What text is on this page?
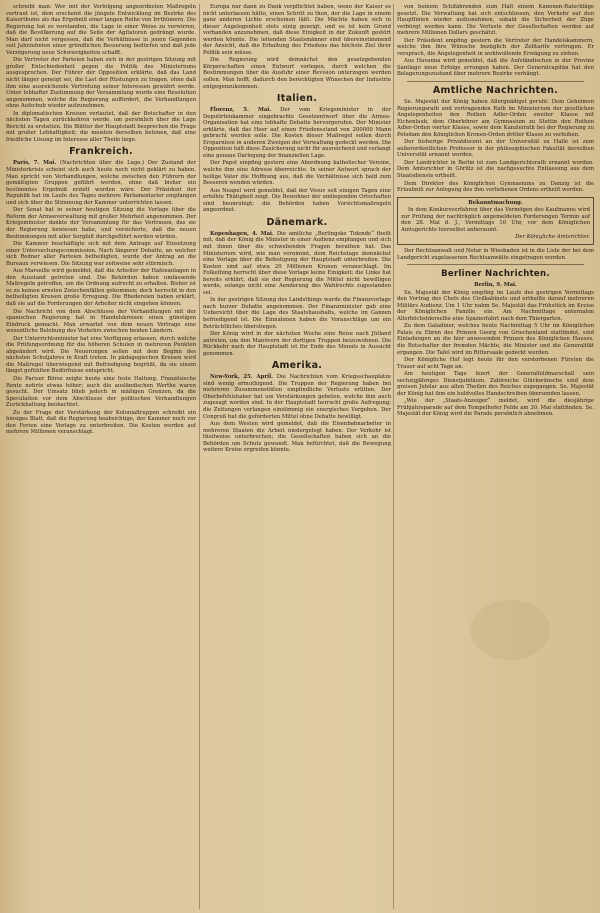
schreibt man: Wer mit der Verfolgung angeordneten Maßregeln vertraut ist, dem erscheint die jüngste Entwicklung im Bezirke des Kaiserthums als das Ergebniß einer langen Reihe von Irrthümern. Die Regierung hat es verstanden, die Lage in einer Weise zu verwirren, daß die Bevölkerung auf die Seite der Agitatoren gedrängt wurde. Man darf nicht vergessen, daß die Verhältnisse in jenen Gegenden seit Jahrzehnten einer gründlichen Besserung bedürfen und daß jede Verzögerung neue Schwierigkeiten schafft.

Die Vertreter der Parteien haben sich in der gestrigen Sitzung mit großer Entschiedenheit gegen die Politik des Ministeriums ausgesprochen. Der Führer der Opposition erklärte, daß das Land nicht länger geneigt sei, die Last der Rüstungen zu tragen, ohne daß ihm eine ausreichende Vertretung seiner Interessen gewährt werde. Unter lebhafter Zustimmung der Versammlung wurde eine Resolution angenommen, welche die Regierung auffordert, die Verhandlungen ohne Aufschub wieder aufzunehmen.

In diplomatischen Kreisen verlautet, daß der Botschafter in den nächsten Tagen zurückkehren werde, um persönlich über die Lage Bericht zu erstatten. Die Blätter der Hauptstadt besprechen die Frage mit großer Lebhaftigkeit; die meisten derselben betonen, daß eine friedliche Lösung im Interesse aller Theile liege.

Frankreich.

Paris, 7. Mai. (Nachrichten über die Lage.) Der Zustand der Ministerkrisis scheint sich auch heute noch nicht geklärt zu haben. Man spricht von Verhandlungen, welche zwischen den Führern der gemäßigten Gruppen geführt werden, ohne daß bisher ein bestimmtes Ergebniß erzielt worden wäre. Der Präsident der Republik hat im Laufe des Tages mehrere Parlamentarier empfangen und sich über die Stimmung der Kammer unterrichten lassen.

Der Senat hat in seiner heutigen Sitzung die Vorlage über die Reform der Armeeverwaltung mit großer Mehrheit angenommen. Der Kriegsminister dankte der Versammlung für das Vertrauen, das sie der Regierung bewiesen habe, und versicherte, daß die neuen Bestimmungen mit aller Sorgfalt durchgeführt werden würden.

Die Kammer beschäftigte sich mit dem Antrage auf Einsetzung einer Untersuchungscommission. Nach längerer Debatte, an welcher sich Redner aller Parteien betheiligten, wurde der Antrag an die Bureaux verwiesen. Die Sitzung war zeitweise sehr stürmisch.

Aus Marseille wird gemeldet, daß die Arbeiter der Hafenanlagen in den Ausstand getreten sind. Die Behörden haben umfassende Maßregeln getroffen, um die Ordnung aufrecht zu erhalten. Bisher ist es zu keinen ernsten Zwischenfällen gekommen; doch herrscht in den betheiligten Kreisen große Erregung. Die Rhedereien haben erklärt, daß sie auf die Forderungen der Arbeiter nicht eingehen können.

Die Nachricht von dem Abschlusse der Verhandlungen mit der spanischen Regierung hat in Handelskreisen einen günstigen Eindruck gemacht. Man erwartet von dem neuen Vertrage eine wesentliche Belebung des Verkehrs zwischen beiden Ländern.

Der Unterrichtsminister hat eine Verfügung erlassen, durch welche die Prüfungsordnung für die höheren Schulen in mehreren Punkten abgeändert wird. Die Neuerungen sollen mit dem Beginn des nächsten Schuljahres in Kraft treten. In pädagogischen Kreisen wird die Maßregel überwiegend mit Befriedigung begrüßt, da sie einem längst gefühlten Bedürfnisse entspricht.

Die Pariser Börse zeigte heute eine feste Haltung. Französische Rente notirte etwas höher; auch die ausländischen Werthe waren gesucht. Der Umsatz blieb jedoch in mäßigen Grenzen, da die Speculation vor dem Abschlusse der politischen Verhandlungen Zurückhaltung beobachtet.

Zu der Frage der Verstärkung der Kolonialtruppen schreibt ein hiesiges Blatt, daß die Regierung beabsichtige, der Kammer noch vor den Ferien eine Vorlage zu unterbreiten. Die Kosten werden auf mehrere Millionen veranschlagt.

Europa nur dann zu Dank verpflichtet haben, wenn der Kaiser es nicht unterlassen hätte, einen Schritt zu thun, der die Lage in einem ganz anderen Lichte erscheinen läßt. Die Mächte haben sich in dieser Angelegenheit stets einig gezeigt, und es ist kein Grund vorhanden anzunehmen, daß diese Einigkeit in der Zukunft gestört werden könnte. Die leitenden Staatsmänner sind übereinstimmend der Ansicht, daß die Erhaltung des Friedens das höchste Ziel ihrer Politik sein müsse.

Die Regierung wird demnächst den gesetzgebenden Körperschaften einen Entwurf vorlegen, durch welchen die Bestimmungen über die Ausfuhr einer Revision unterzogen werden sollen. Man hofft, dadurch den berechtigten Wünschen der Industrie entgegenzukommen.

Italien.

Florenz, 5. Mai. Der vom Kriegsminister in der Deputirtenkammer eingebrachte Gesetzentwurf über die Armee-Organisation hat eine lebhafte Debatte hervorgerufen. Der Minister erklärte, daß das Heer auf einen Friedensstand von 200000 Mann gebracht werden solle. Die Kosten dieser Maßregel sollen durch Ersparnisse in anderen Zweigen der Verwaltung gedeckt werden. Die Opposition hält diese Zusicherung nicht für ausreichend und verlangt eine genaue Darlegung der finanziellen Lage.

Der Papst empfing gestern eine Abordnung katholischer Vereine, welche ihm eine Adresse überreichte. In seiner Antwort sprach der heilige Vater die Hoffnung aus, daß die Verhältnisse sich bald zum Besseren wenden würden.

Aus Neapel wird gemeldet, daß der Vesuv seit einigen Tagen eine erhöhte Thätigkeit zeigt. Die Bewohner der umliegenden Ortschaften sind beunruhigt; die Behörden haben Vorsichtsmaßregeln angeordnet.

Dänemark.

Kopenhagen, 4. Mai. Die amtliche „Berlingske Tidende“ theilt mit, daß der König die Minister in einer Audienz empfangen und sich mit ihnen über die schwebenden Fragen berathen hat. Das Ministerium wird, wie man vernimmt, dem Reichstage demnächst eine Vorlage über die Befestigung der Hauptstadt unterbreiten. Die Kosten sind auf etwa 20 Millionen Kronen veranschlagt. Im Folkething herrscht über diese Vorlage keine Einigkeit; die Linke hat bereits erklärt, daß sie der Regierung die Mittel nicht bewilligen werde, solange nicht eine Aenderung des Wahlrechts zugestanden sei.

In der gestrigen Sitzung des Landsthings wurde die Finanzvorlage nach kurzer Debatte angenommen. Der Finanzminister gab eine Uebersicht über die Lage des Staatshaushalts, welche im Ganzen befriedigend ist. Die Einnahmen haben die Voranschläge um ein Beträchtliches überstiegen.

Der König wird in der nächsten Woche eine Reise nach Jütland antreten, um den Manövern der dortigen Truppen beizuwohnen. Die Rückkehr nach der Hauptstadt ist für Ende des Monats in Aussicht genommen.

Amerika.

New-York, 25. April. Die Nachrichten vom Kriegsschauplatze sind wenig ermuthigend. Die Truppen der Regierung haben bei mehreren Zusammenstößen empfindliche Verluste erlitten. Der Oberbefehlshaber hat um Verstärkungen gebeten, welche ihm auch zugesagt worden sind. In der Hauptstadt herrscht große Aufregung; die Zeitungen verlangen einstimmig ein energisches Vorgehen. Der Congreß hat die geforderten Mittel ohne Debatte bewilligt.

Aus dem Westen wird gemeldet, daß die Eisenbahnarbeiter in mehreren Staaten die Arbeit niedergelegt haben. Der Verkehr ist theilweise unterbrochen; die Gesellschaften haben sich an die Behörden um Schutz gewandt. Man befürchtet, daß die Bewegung weitere Kreise ergreifen könnte.

von beinem Schifahrenden zum Halt einem Kanonen-Ratschläge gesetzt. Die Verwaltung hat sich entschlossen, den Verkehr auf den Hauptlinien wieder aufzunehmen, sobald die Sicherheit der Züge verbürgt werden kann. Die Verluste der Gesellschaften werden auf mehrere Millionen Dollars geschätzt.

Der Präsident empfing gestern die Vertreter der Handelskammern, welche ihm ihre Wünsche bezüglich der Zolltarife vortrugen. Er versprach, die Angelegenheit in wohlwollende Erwägung zu ziehen.

Aus Havanna wird gemeldet, daß die Aufständischen in der Provinz Santiago neue Erfolge errungen haben. Der Generalcapitän hat den Belagerungszustand über mehrere Bezirke verhängt.

Amtliche Nachrichten.

Se. Majestät der König haben Allergnädigst geruht: Dem Geheimen Regierungsrath und vortragenden Rath im Ministerium der geistlichen Angelegenheiten den Rothen Adler-Orden zweiter Klasse mit Eichenlaub, dem Oberlehrer am Gymnasium zu Stettin den Rothen Adler-Orden vierter Klasse, sowie dem Kanzleirath bei der Regierung zu Potsdam den Königlichen Kronen-Orden dritter Klasse zu verleihen.

Der bisherige Privatdocent an der Universität zu Halle ist zum außerordentlichen Professor in der philosophischen Fakultät derselben Universität ernannt worden.

Der Landrichter in Berlin ist zum Landgerichtsrath ernannt worden. Dem Amtsrichter in Görlitz ist die nachgesuchte Entlassung aus dem Staatsdienste ertheilt.

Dem Direktor des Königlichen Gymnasiums zu Danzig ist die Erlaubniß zur Anlegung des ihm verliehenen Ordens ertheilt worden.

Bekanntmachung.

In dem Konkursverfahren über das Vermögen des Kaufmanns wird zur Prüfung der nachträglich angemeldeten Forderungen Termin auf den 28. Mai d. J., Vormittags 10 Uhr, vor dem Königlichen Amtsgerichte hierselbst anberaumt.

Der Königliche Amtsrichter.

Der Rechtsanwalt und Notar in Wiesbaden ist in die Liste der bei dem Landgericht zugelassenen Rechtsanwälte eingetragen worden.

Berliner Nachrichten.

Berlin, 9. Mai.

Se. Majestät der König empfing im Laufe des gestrigen Vormittags den Vortrag des Chefs des Civilkabinets und ertheilte darauf mehreren Militärs Audienz. Um 1 Uhr nahm Se. Majestät das Frühstück im Kreise der Königlichen Familie ein. Am Nachmittage unternahm Allerhöchstderselbe eine Spazierfahrt nach dem Thiergarten.

Zu dem Galadiner, welches heute Nachmittag 5 Uhr im Königlichen Palais zu Ehren des Prinzen Georg von Griechenland stattfindet, sind Einladungen an die hier anwesenden Prinzen des Königlichen Hauses, die Botschafter der fremden Mächte, die Minister und die Generalität ergangen. Die Tafel wird im Rittersaale gedeckt werden.

Der Königliche Hof legt heute für den verstorbenen Fürsten die Trauer auf acht Tage an.

Am heutigen Tage feiert der Generalfeldmarschall sein sechzigjähriges Dienstjubiläum. Zahlreiche Glückwünsche sind dem greisen Jubilar aus allen Theilen des Reiches zugegangen. Se. Majestät der König hat ihm ein huldvolles Handschreiben übersenden lassen.

„Wie der „Staats-Anzeiger“ meldet, wird die diesjährige Frühjahrsparade auf dem Tempelhofer Felde am 30. Mai stattfinden. Se. Majestät der König wird die Parade persönlich abnehmen.
